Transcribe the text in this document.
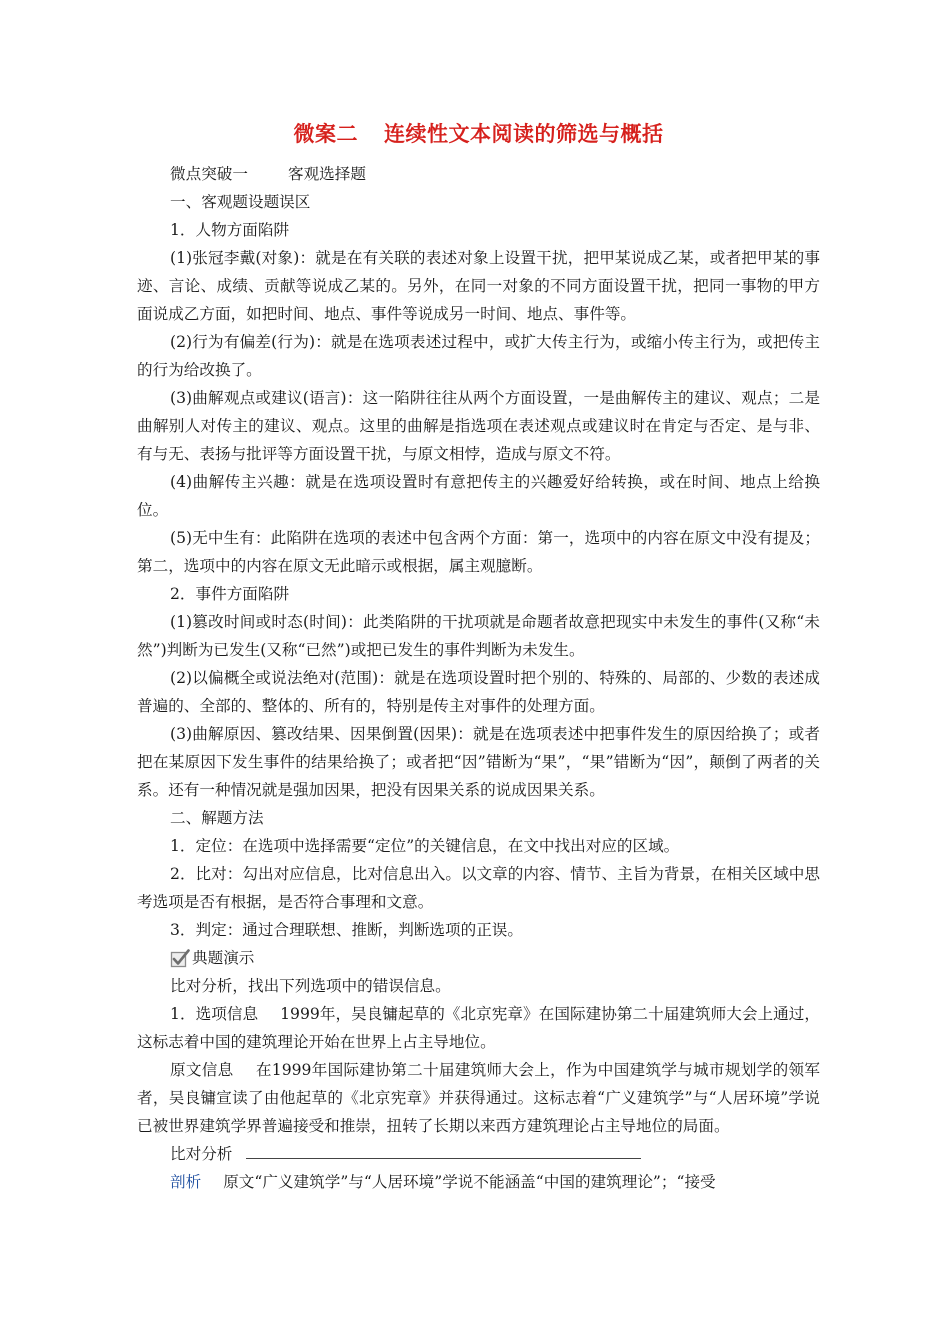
微案二 连续性文本阅读的筛选与概括

微点突破一	客观选择题

一、客观题设题误区

1．人物方面陷阱

(1)张冠李戴(对象)：就是在有关联的表述对象上设置干扰，把甲某说成乙某，或者把甲某的事迹、言论、成绩、贡献等说成乙某的。另外，在同一对象的不同方面设置干扰，把同一事物的甲方面说成乙方面，如把时间、地点、事件等说成另一时间、地点、事件等。

(2)行为有偏差(行为)：就是在选项表述过程中，或扩大传主行为，或缩小传主行为，或把传主的行为给改换了。

(3)曲解观点或建议(语言)：这一陷阱往往从两个方面设置，一是曲解传主的建议、观点；二是曲解别人对传主的建议、观点。这里的曲解是指选项在表述观点或建议时在肯定与否定、是与非、有与无、表扬与批评等方面设置干扰，与原文相悖，造成与原文不符。

(4)曲解传主兴趣：就是在选项设置时有意把传主的兴趣爱好给转换，或在时间、地点上给换位。

(5)无中生有：此陷阱在选项的表述中包含两个方面：第一，选项中的内容在原文中没有提及；第二，选项中的内容在原文无此暗示或根据，属主观臆断。

2．事件方面陷阱

(1)篡改时间或时态(时间)：此类陷阱的干扰项就是命题者故意把现实中未发生的事件(又称“未然”)判断为已发生(又称“已然”)或把已发生的事件判断为未发生。

(2)以偏概全或说法绝对(范围)：就是在选项设置时把个别的、特殊的、局部的、少数的表述成普遍的、全部的、整体的、所有的，特别是传主对事件的处理方面。

(3)曲解原因、篡改结果、因果倒置(因果)：就是在选项表述中把事件发生的原因给换了；或者把在某原因下发生事件的结果给换了；或者把“因”错断为“果”，“果”错断为“因”，颠倒了两者的关系。还有一种情况就是强加因果，把没有因果关系的说成因果关系。

二、解题方法

1．定位：在选项中选择需要“定位”的关键信息，在文中找出对应的区域。

2．比对：勾出对应信息，比对信息出入。以文章的内容、情节、主旨为背景，在相关区域中思考选项是否有根据，是否符合事理和文意。

3．判定：通过合理联想、推断，判断选项的正误。

典题演示

比对分析，找出下列选项中的错误信息。

1．选项信息 1999年，吴良镛起草的《北京宪章》在国际建协第二十届建筑师大会上通过，这标志着中国的建筑理论开始在世界上占主导地位。

原文信息 在1999年国际建协第二十届建筑师大会上，作为中国建筑学与城市规划学的领军者，吴良镛宣读了由他起草的《北京宪章》并获得通过。这标志着“广义建筑学”与“人居环境”学说已被世界建筑学界普遍接受和推崇，扭转了长期以来西方建筑理论占主导地位的局面。

比对分析

剖析 原文“广义建筑学”与“人居环境”学说不能涵盖“中国的建筑理论”；“接受
